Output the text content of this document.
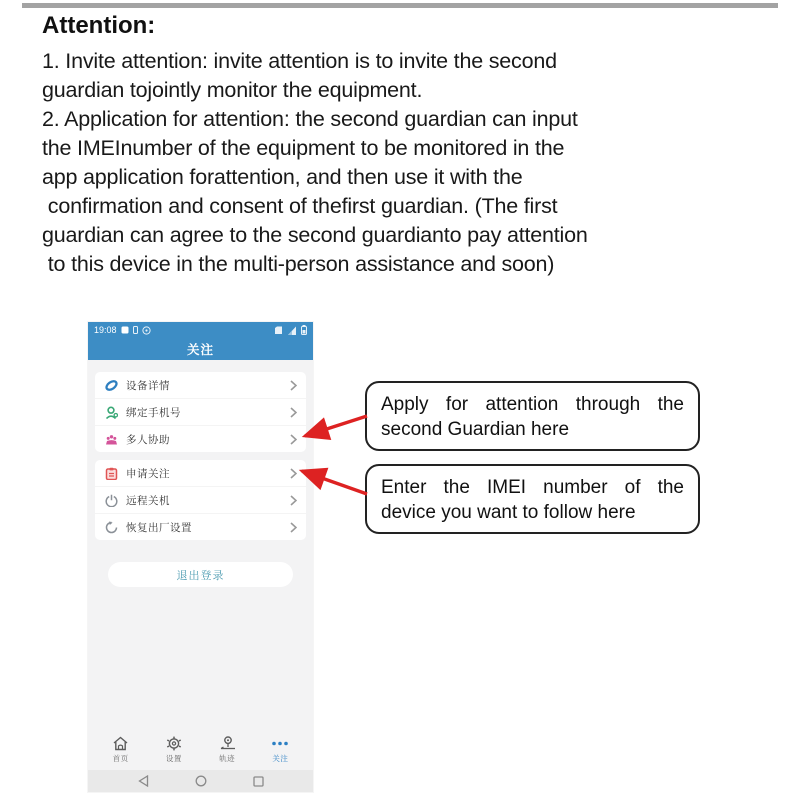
Attention:
1. Invite attention: invite attention is to invite the second
guardian tojointly monitor the equipment.
2. Application for attention: the second guardian can input
the IMEInumber of the equipment to be monitored in the
app application forattention, and then use it with the
confirmation and consent of thefirst guardian. (The first
guardian can agree to the second guardianto pay attention
to this device in the multi-person assistance and soon)
19:08
关注
设备详情
绑定手机号
多人协助
申请关注
远程关机
恢复出厂设置
退出登录
首页	设置	轨迹	关注
Apply for attention through the second Guardian here
Enter the IMEI number of the device you want to follow here
